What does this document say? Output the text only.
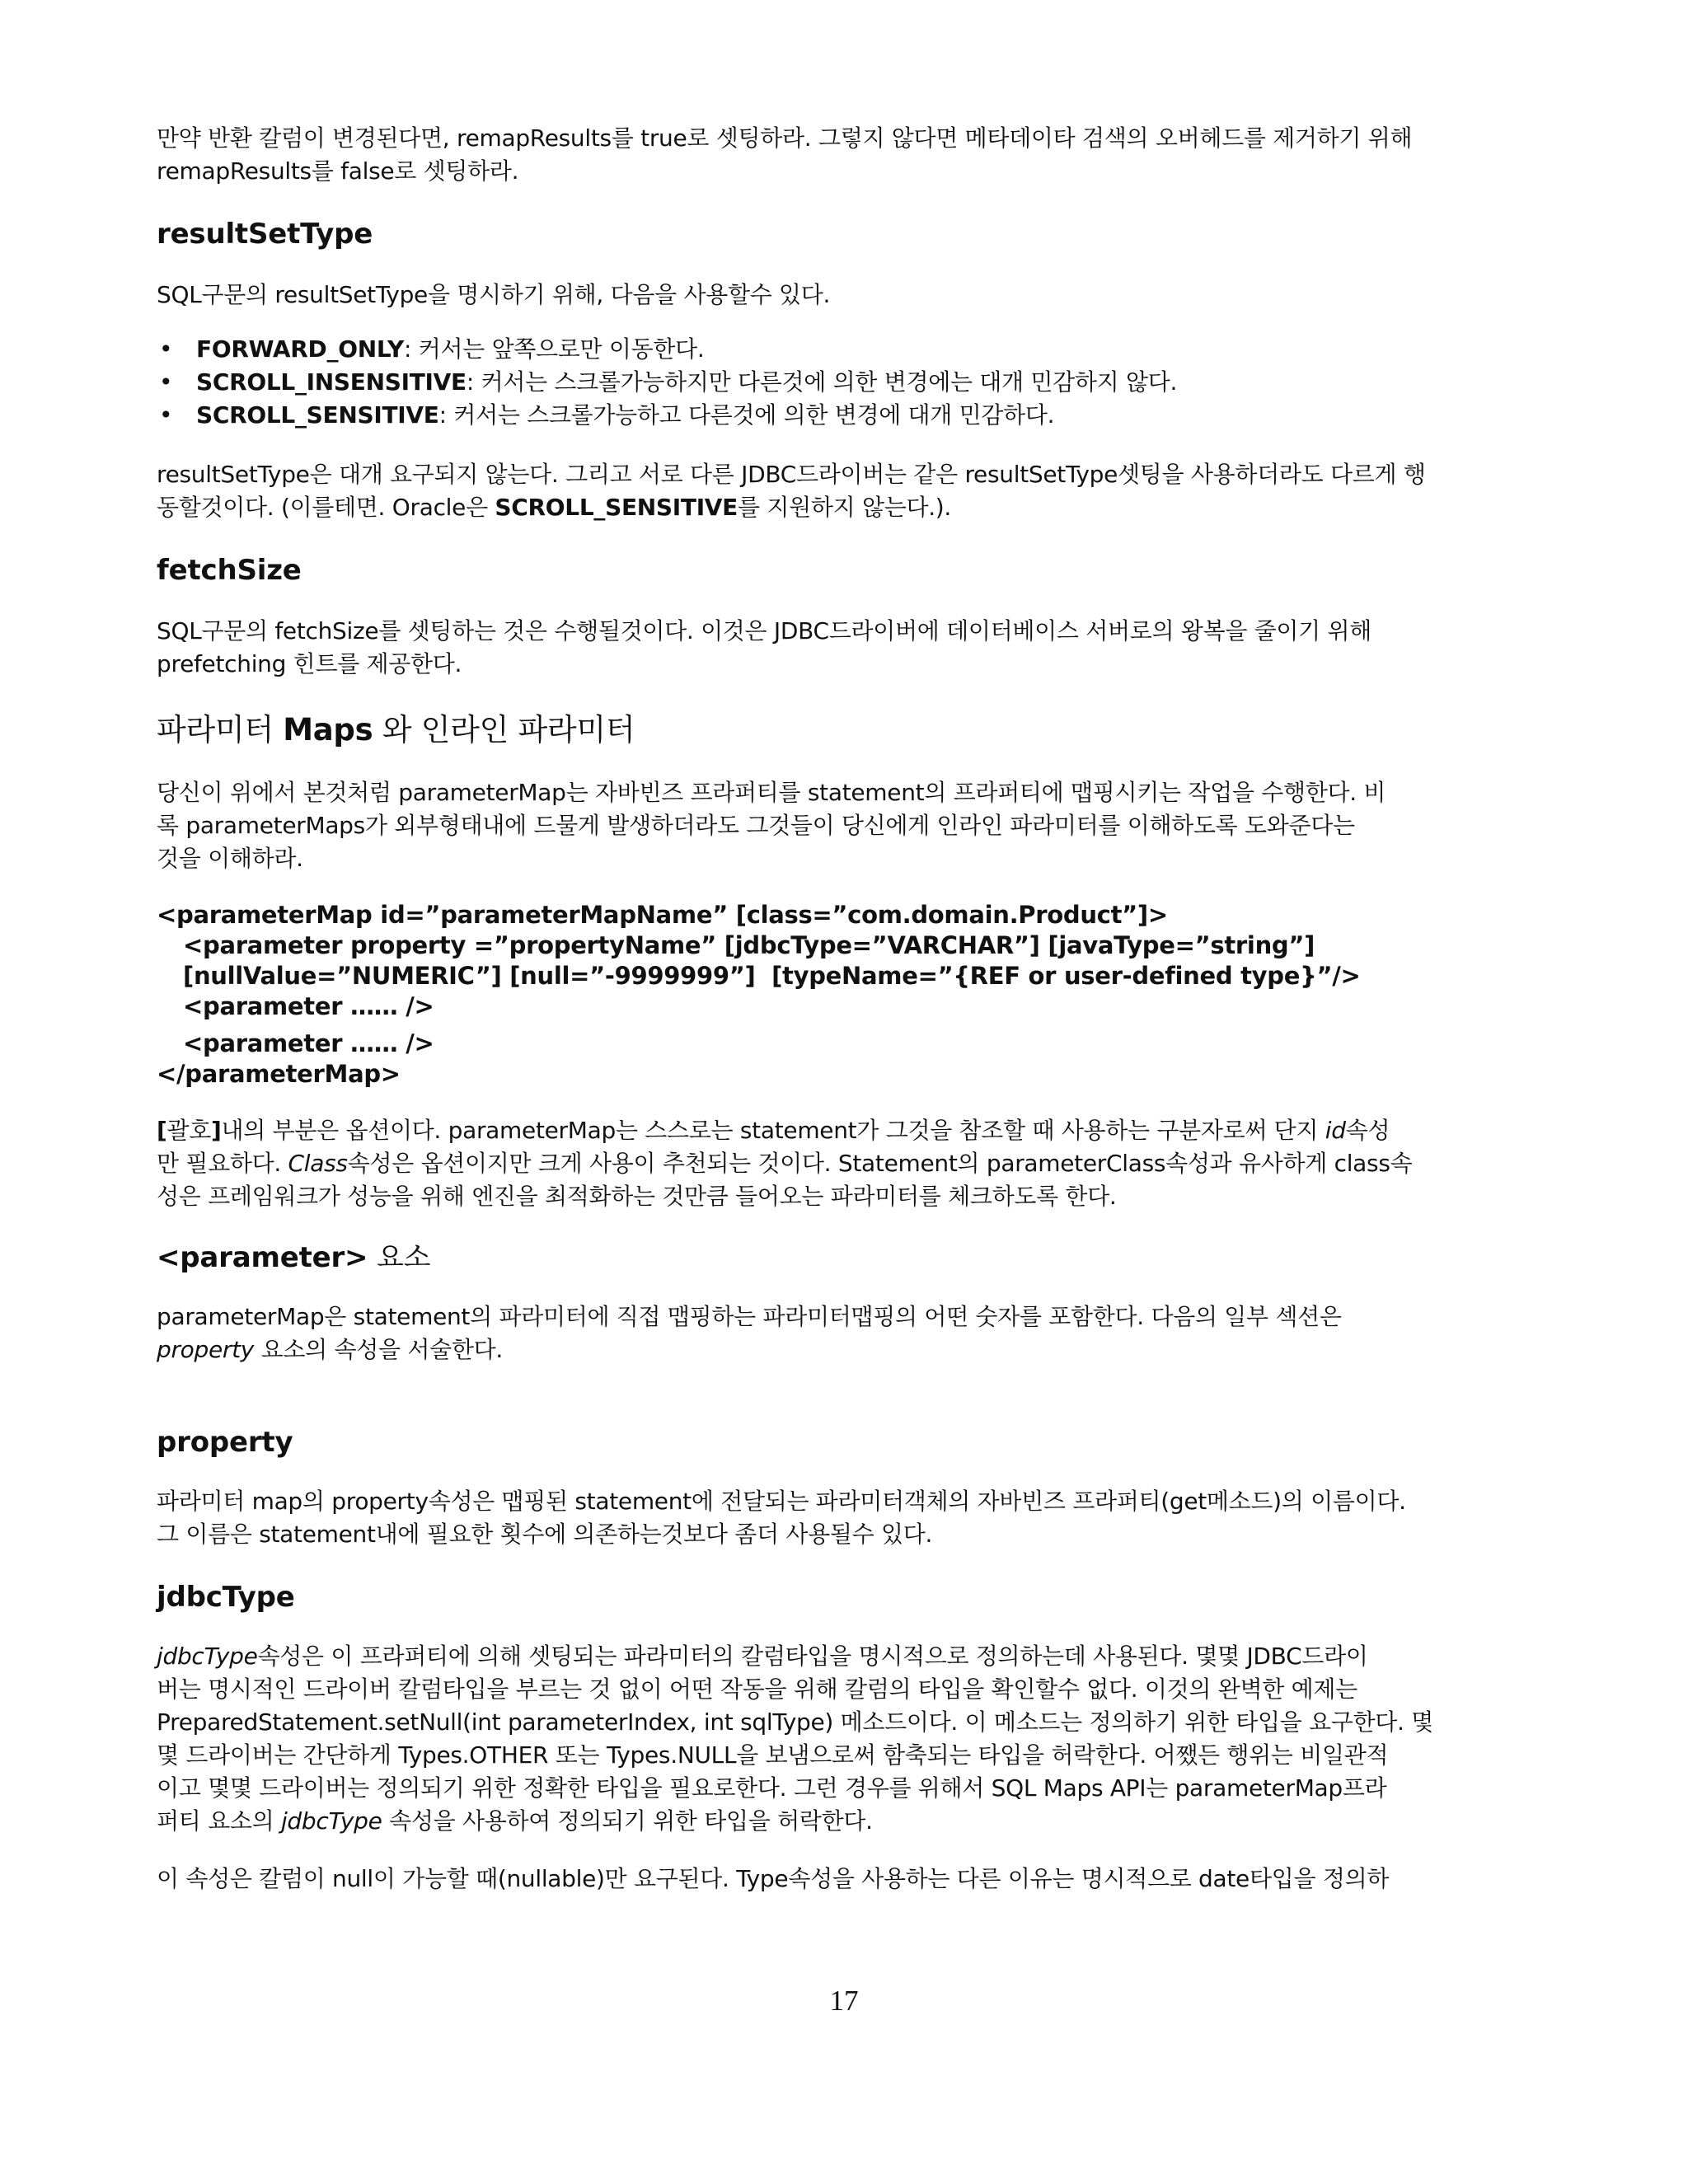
만약 반환 칼럼이 변경된다면, remapResults를 true로 셋팅하라. 그렇지 않다면 메타데이타 검색의 오버헤드를 제거하기 위해

remapResults를 false로 셋팅하라.

resultSetType

SQL구문의 resultSetType을 명시하기 위해, 다음을 사용할수 있다.

• FORWARD_ONLY: 커서는 앞쪽으로만 이동한다.
• SCROLL_INSENSITIVE: 커서는 스크롤가능하지만 다른것에 의한 변경에는 대개 민감하지 않다.
• SCROLL_SENSITIVE: 커서는 스크롤가능하고 다른것에 의한 변경에 대개 민감하다.

resultSetType은 대개 요구되지 않는다. 그리고 서로 다른 JDBC드라이버는 같은 resultSetType셋팅을 사용하더라도 다르게 행

동할것이다. (이를테면. Oracle은 SCROLL_SENSITIVE를 지원하지 않는다.).

fetchSize

SQL구문의 fetchSize를 셋팅하는 것은 수행될것이다. 이것은 JDBC드라이버에 데이터베이스 서버로의 왕복을 줄이기 위해

prefetching 힌트를 제공한다.

파라미터 Maps 와 인라인 파라미터

당신이 위에서 본것처럼 parameterMap는 자바빈즈 프라퍼티를 statement의 프라퍼티에 맵핑시키는 작업을 수행한다. 비

록 parameterMaps가 외부형태내에 드물게 발생하더라도 그것들이 당신에게 인라인 파라미터를 이해하도록 도와준다는

것을 이해하라.

<parameterMap id=”parameterMapName” [class=”com.domain.Product”]>
<parameter property =”propertyName” [jdbcType=”VARCHAR”] [javaType=”string”]
[nullValue=”NUMERIC”] [null=”-9999999”]  [typeName=”{REF or user-defined type}”/>
<parameter …… />
<parameter …… />
</parameterMap>

[괄호]내의 부분은 옵션이다. parameterMap는 스스로는 statement가 그것을 참조할 때 사용하는 구분자로써 단지 id속성

만 필요하다. Class속성은 옵션이지만 크게 사용이 추천되는 것이다. Statement의 parameterClass속성과 유사하게 class속

성은 프레임워크가 성능을 위해 엔진을 최적화하는 것만큼 들어오는 파라미터를 체크하도록 한다.

<parameter> 요소

parameterMap은 statement의 파라미터에 직접 맵핑하는 파라미터맵핑의 어떤 숫자를 포함한다. 다음의 일부 섹션은

property 요소의 속성을 서술한다.

property

파라미터 map의 property속성은 맵핑된 statement에 전달되는 파라미터객체의 자바빈즈 프라퍼티(get메소드)의 이름이다.

그 이름은 statement내에 필요한 횟수에 의존하는것보다 좀더 사용될수 있다.

jdbcType

jdbcType속성은 이 프라퍼티에 의해 셋팅되는 파라미터의 칼럼타입을 명시적으로 정의하는데 사용된다. 몇몇 JDBC드라이

버는 명시적인 드라이버 칼럼타입을 부르는 것 없이 어떤 작동을 위해 칼럼의 타입을 확인할수 없다. 이것의 완벽한 예제는

PreparedStatement.setNull(int parameterIndex, int sqlType) 메소드이다. 이 메소드는 정의하기 위한 타입을 요구한다. 몇

몇 드라이버는 간단하게 Types.OTHER 또는 Types.NULL을 보냄으로써 함축되는 타입을 허락한다. 어쨌든 행위는 비일관적

이고 몇몇 드라이버는 정의되기 위한 정확한 타입을 필요로한다. 그런 경우를 위해서 SQL Maps API는 parameterMap프라

퍼티 요소의 jdbcType 속성을 사용하여 정의되기 위한 타입을 허락한다.

이 속성은 칼럼이 null이 가능할 때(nullable)만 요구된다. Type속성을 사용하는 다른 이유는 명시적으로 date타입을 정의하

17
